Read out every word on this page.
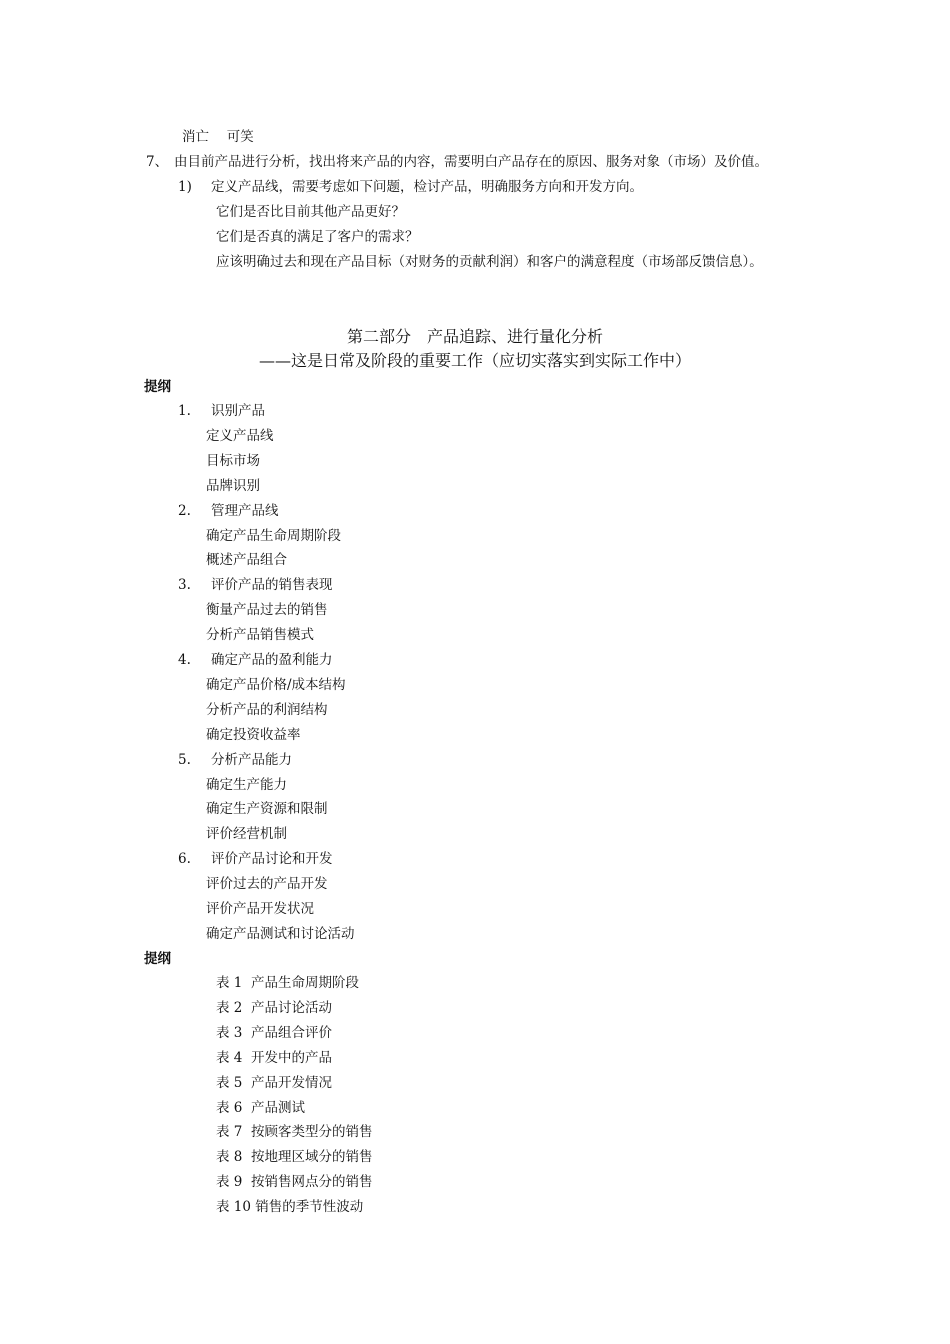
消亡　 可笑
7、 由目前产品进行分析，找出将来产品的内容，需要明白产品存在的原因、服务对象（市场）及价值。
1) 定义产品线，需要考虑如下问题，检讨产品，明确服务方向和开发方向。
它们是否比目前其他产品更好？
它们是否真的满足了客户的需求？
应该明确过去和现在产品目标（对财务的贡献利润）和客户的满意程度（市场部反馈信息）。
第二部分　产品追踪、进行量化分析
——这是日常及阶段的重要工作（应切实落实到实际工作中）
提纲
1. 识别产品
定义产品线
目标市场
品牌识别
2. 管理产品线
确定产品生命周期阶段
概述产品组合
3. 评价产品的销售表现
衡量产品过去的销售
分析产品销售模式
4. 确定产品的盈利能力
确定产品价格/成本结构
分析产品的利润结构
确定投资收益率
5. 分析产品能力
确定生产能力
确定生产资源和限制
评价经营机制
6. 评价产品讨论和开发
评价过去的产品开发
评价产品开发状况
确定产品测试和讨论活动
提纲
表 1  产品生命周期阶段
表 2  产品讨论活动
表 3  产品组合评价
表 4  开发中的产品
表 5  产品开发情况
表 6  产品测试
表 7  按顾客类型分的销售
表 8  按地理区域分的销售
表 9  按销售网点分的销售
表 10 销售的季节性波动
